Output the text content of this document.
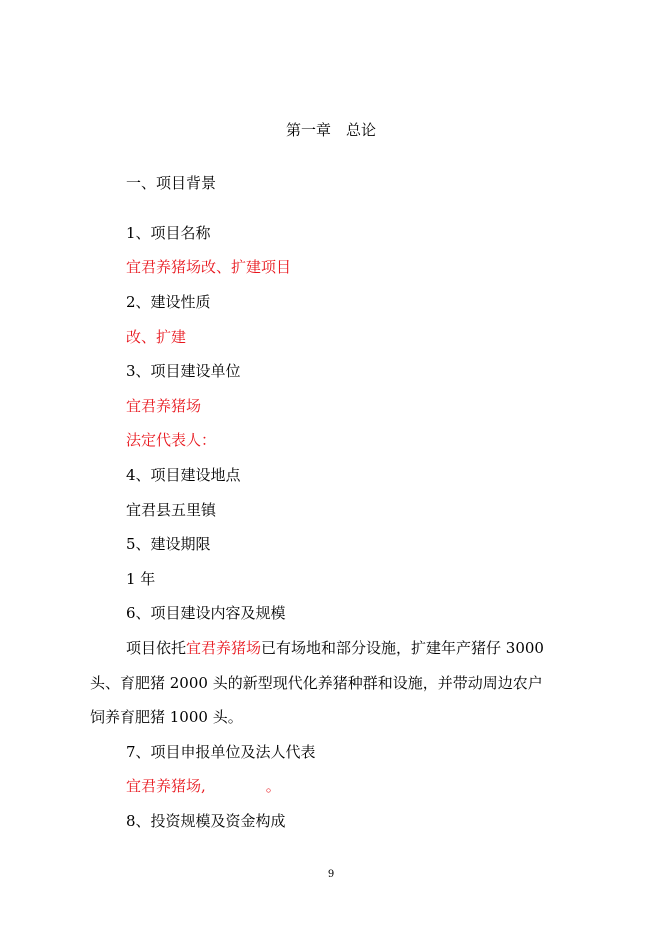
第一章　总论
一、项目背景
1、项目名称
宜君养猪场改、扩建项目
2、建设性质
改、扩建
3、项目建设单位
宜君养猪场
法定代表人：
4、项目建设地点
宜君县五里镇
5、建设期限
1 年
6、项目建设内容及规模
项目依托宜君养猪场已有场地和部分设施，扩建年产猪仔 3000
头、育肥猪 2000 头的新型现代化养猪种群和设施，并带动周边农户
饲养育肥猪 1000 头。
7、项目申报单位及法人代表
宜君养猪场,　　　　。
8、投资规模及资金构成
9
